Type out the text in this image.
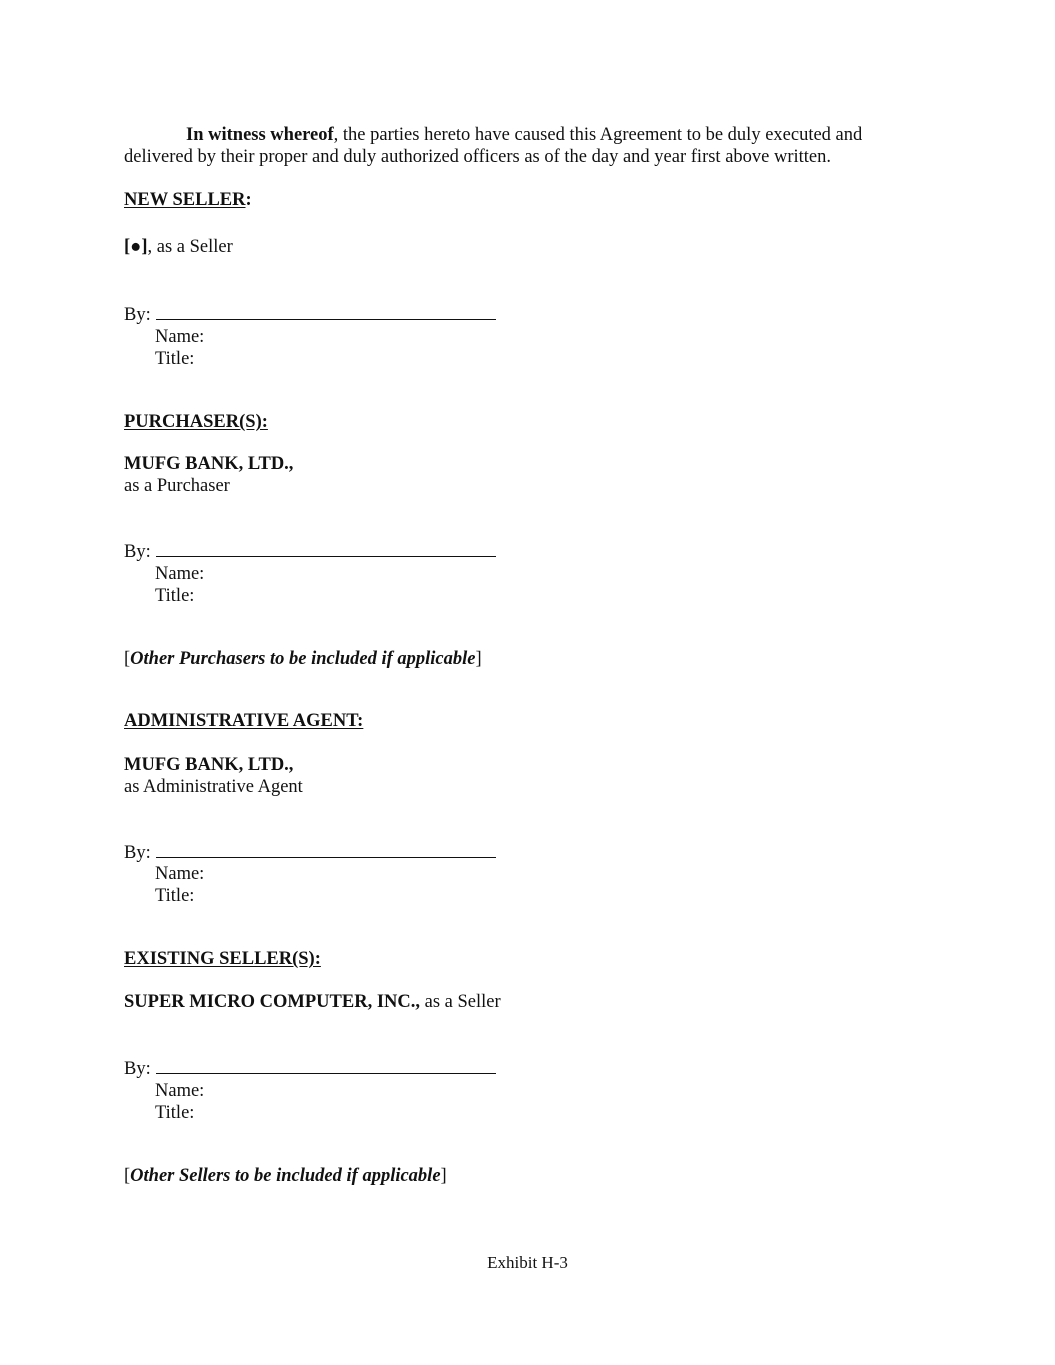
In witness whereof, the parties hereto have caused this Agreement to be duly executed and
delivered by their proper and duly authorized officers as of the day and year first above written.
NEW SELLER:
[●], as a Seller
By:
Name:
Title:
PURCHASER(S):
MUFG BANK, LTD.,
as a Purchaser
By:
Name:
Title:
[Other Purchasers to be included if applicable]
ADMINISTRATIVE AGENT:
MUFG BANK, LTD.,
as Administrative Agent
By:
Name:
Title:
EXISTING SELLER(S):
SUPER MICRO COMPUTER, INC., as a Seller
By:
Name:
Title:
[Other Sellers to be included if applicable]
Exhibit H-3
